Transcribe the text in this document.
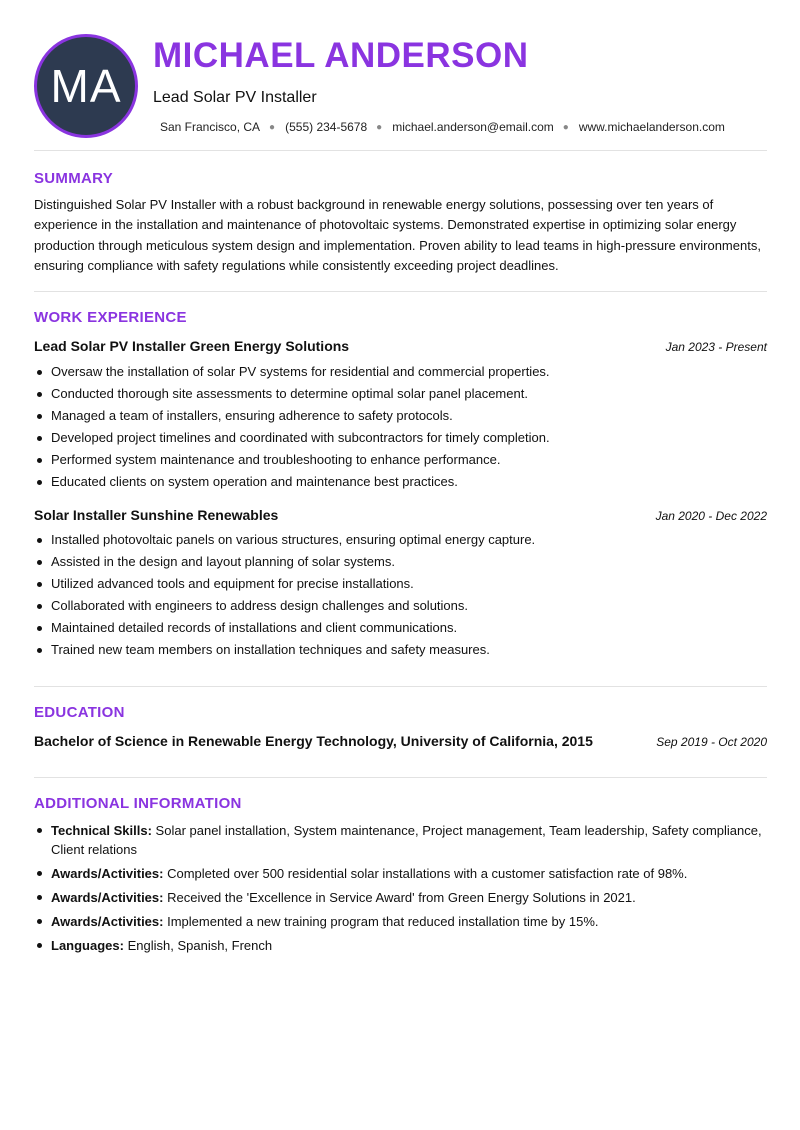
MA
MICHAEL ANDERSON
Lead Solar PV Installer
San Francisco, CA ● (555) 234-5678 ● michael.anderson@email.com ● www.michaelanderson.com
SUMMARY

Distinguished Solar PV Installer with a robust background in renewable energy solutions, possessing over ten years of experience in the installation and maintenance of photovoltaic systems. Demonstrated expertise in optimizing solar energy production through meticulous system design and implementation. Proven ability to lead teams in high-pressure environments, ensuring compliance with safety regulations while consistently exceeding project deadlines.

WORK EXPERIENCE
Lead Solar PV Installer Green Energy Solutions	Jan 2023 - Present
Oversaw the installation of solar PV systems for residential and commercial properties.
Conducted thorough site assessments to determine optimal solar panel placement.
Managed a team of installers, ensuring adherence to safety protocols.
Developed project timelines and coordinated with subcontractors for timely completion.
Performed system maintenance and troubleshooting to enhance performance.
Educated clients on system operation and maintenance best practices.
Solar Installer Sunshine Renewables	Jan 2020 - Dec 2022
Installed photovoltaic panels on various structures, ensuring optimal energy capture.
Assisted in the design and layout planning of solar systems.
Utilized advanced tools and equipment for precise installations.
Collaborated with engineers to address design challenges and solutions.
Maintained detailed records of installations and client communications.
Trained new team members on installation techniques and safety measures.
EDUCATION
Bachelor of Science in Renewable Energy Technology, University of California, 2015	Sep 2019 - Oct 2020
ADDITIONAL INFORMATION
Technical Skills: Solar panel installation, System maintenance, Project management, Team leadership, Safety compliance, Client relations
Awards/Activities: Completed over 500 residential solar installations with a customer satisfaction rate of 98%.
Awards/Activities: Received the 'Excellence in Service Award' from Green Energy Solutions in 2021.
Awards/Activities: Implemented a new training program that reduced installation time by 15%.
Languages: English, Spanish, French
